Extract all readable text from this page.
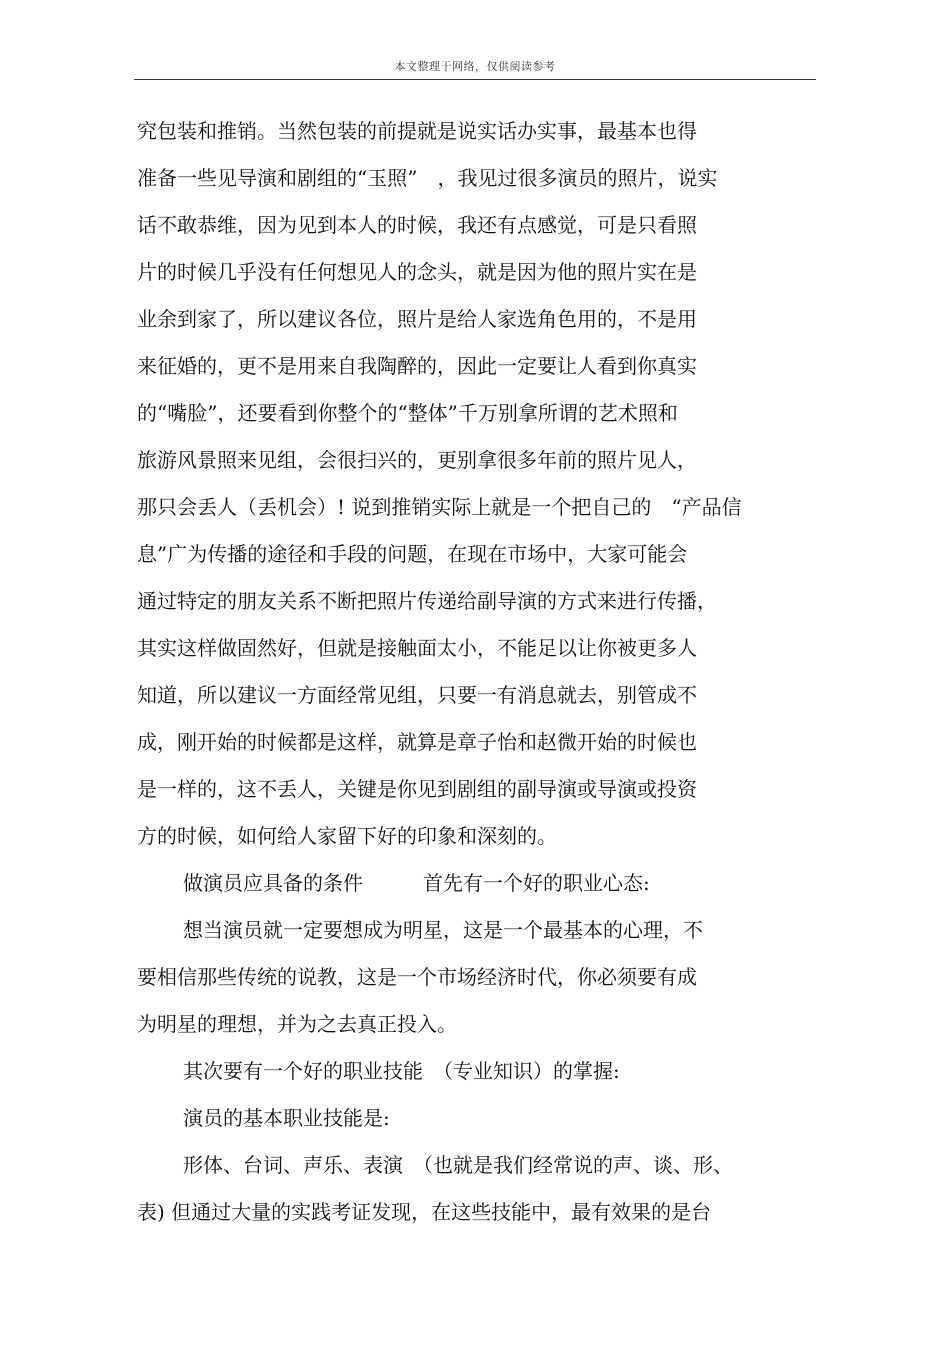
本文整理于网络，仅供阅读参考
究包装和推销。当然包装的前提就是说实话办实事，最基本也得
准备一些见导演和剧组的“玉照”　，我见过很多演员的照片，说实
话不敢恭维，因为见到本人的时候，我还有点感觉，可是只看照
片的时候几乎没有任何想见人的念头，就是因为他的照片实在是
业余到家了，所以建议各位，照片是给人家选角色用的，不是用
来征婚的，更不是用来自我陶醉的，因此一定要让人看到你真实
的“嘴脸”，还要看到你整个的“整体”千万别拿所谓的艺术照和
旅游风景照来见组，会很扫兴的，更别拿很多年前的照片见人，
那只会丢人（丢机会）! 说到推销实际上就是一个把自己的　“产品信
息”广为传播的途径和手段的问题，在现在市场中，大家可能会
通过特定的朋友关系不断把照片传递给副导演的方式来进行传播，
其实这样做固然好，但就是接触面太小，不能足以让你被更多人
知道，所以建议一方面经常见组，只要一有消息就去，别管成不
成，刚开始的时候都是这样，就算是章子怡和赵微开始的时候也
是一样的，这不丢人，关键是你见到剧组的副导演或导演或投资
方的时候，如何给人家留下好的印象和深刻的。
做演员应具备的条件　　　首先有一个好的职业心态:
想当演员就一定要想成为明星，这是一个最基本的心理，不
要相信那些传统的说教，这是一个市场经济时代，你必须要有成
为明星的理想，并为之去真正投入。
其次要有一个好的职业技能　（专业知识）的掌握:
演员的基本职业技能是:
形体、台词、声乐、表演　（也就是我们经常说的声、谈、形、
表) 但通过大量的实践考证发现，在这些技能中，最有效果的是台
